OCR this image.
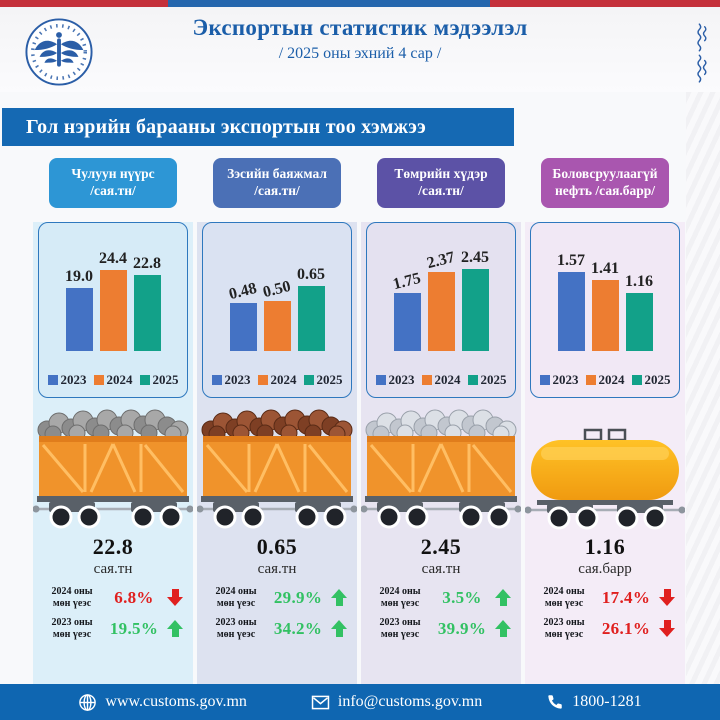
Экспортын статистик мэдээлэл
/ 2025 оны эхний 4 сар /
Гол нэрийн барааны экспортын тоо хэмжээ
Чулуун нүүрс
/сая.тн/
19.0
24.4 22.8
2023 2024 2025
22.8
сая.тн
2024 оны
мөн үеэс	6.8%
2023 оны
мөн үеэс	19.5%
Зэсийн баяжмал
/сая.тн/
0.48 0.50
0.65
2023 2024 2025
0.65
сая.тн
2024 оны
мөн үеэс	29.9%
2023 оны
мөн үеэс	34.2%
Төмрийн хүдэр
/сая.тн/
1.75
2.37 2.45
2023 2024 2025
2.45
сая.тн
2024 оны
мөн үеэс	3.5%
2023 оны
мөн үеэс	39.9%
Боловсруулаагүй
нефть /сая.барр/
1.57 1.41
1.16
2023 2024 2025
1.16
сая.барр
2024 оны
мөн үеэс	17.4%
2023 оны
мөн үеэс	26.1%
www.customs.gov.mn	info@customs.gov.mn	1800-1281
